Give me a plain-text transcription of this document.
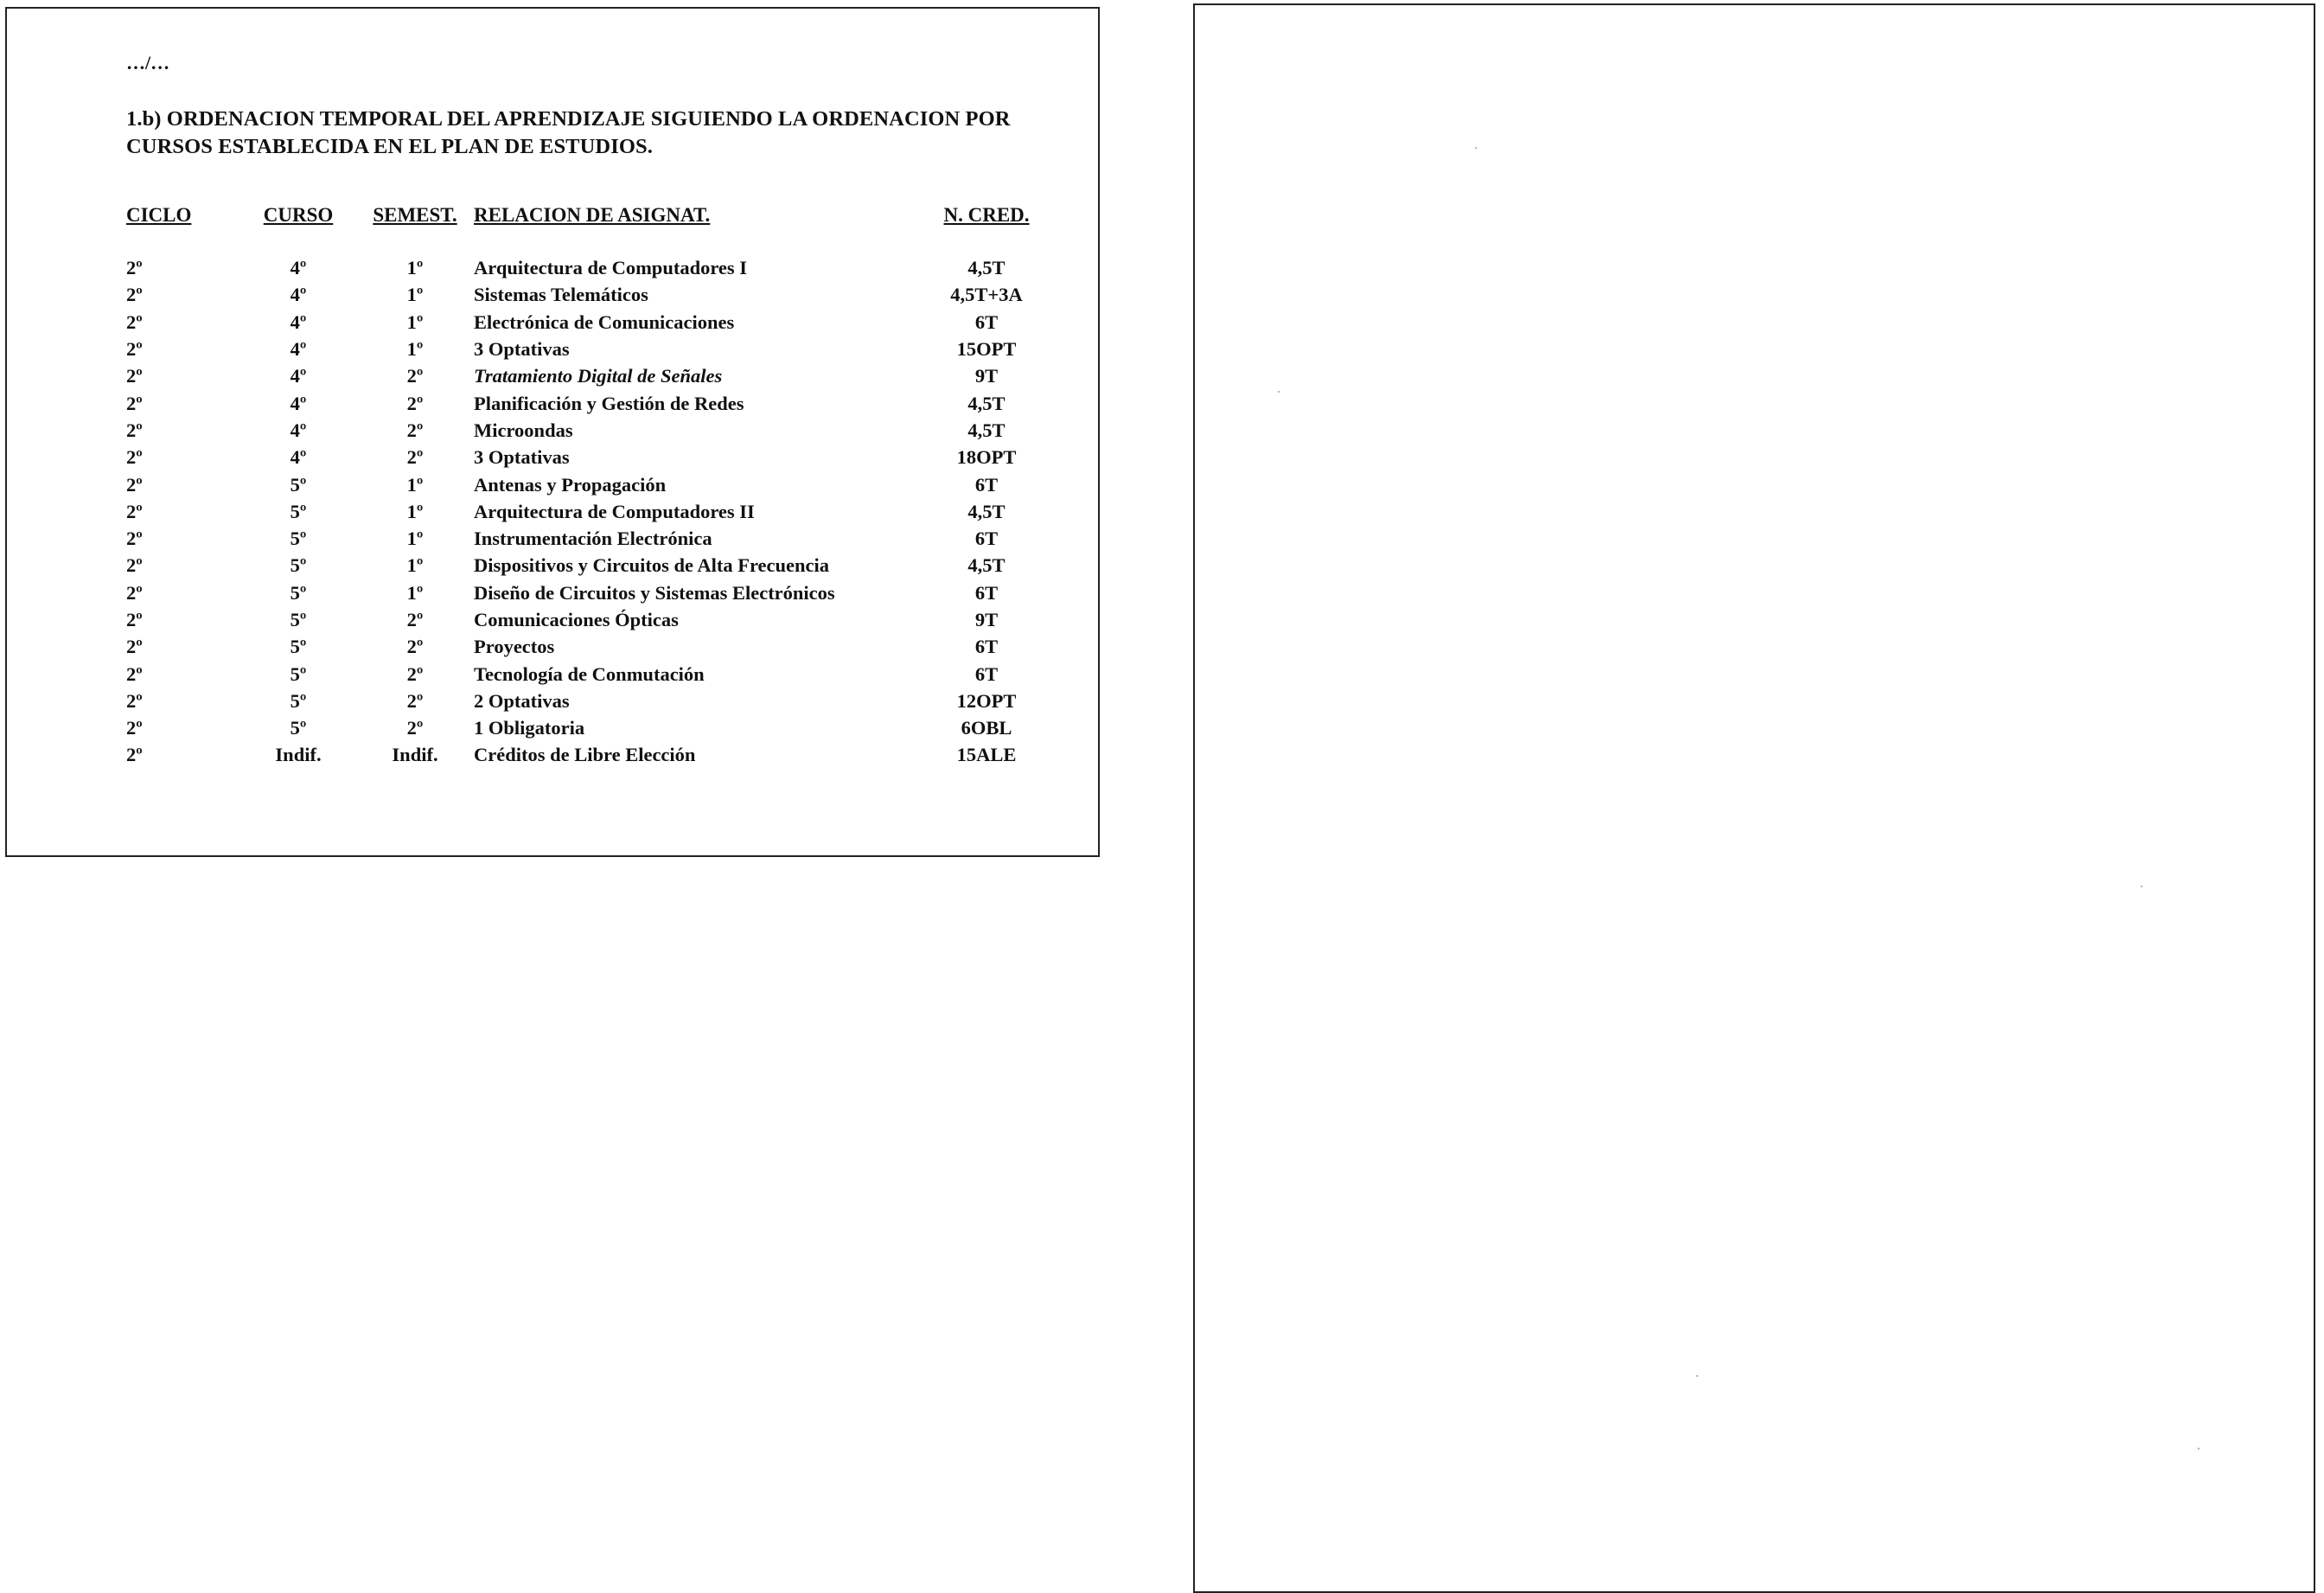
…/…
1.b) ORDENACION TEMPORAL DEL APRENDIZAJE SIGUIENDO LA ORDENACION POR
CURSOS ESTABLECIDA EN EL PLAN DE ESTUDIOS.
CICLO	CURSO	SEMEST.	RELACION DE ASIGNAT.	N. CRED.
2º	4º	1º	Arquitectura de Computadores I	4,5T
2º	4º	1º	Sistemas Telemáticos	4,5T+3A
2º	4º	1º	Electrónica de Comunicaciones	6T
2º	4º	1º	3 Optativas	15OPT
2º	4º	2º	Tratamiento Digital de Señales	9T
2º	4º	2º	Planificación y Gestión de Redes	4,5T
2º	4º	2º	Microondas	4,5T
2º	4º	2º	3 Optativas	18OPT
2º	5º	1º	Antenas y Propagación	6T
2º	5º	1º	Arquitectura de Computadores II	4,5T
2º	5º	1º	Instrumentación Electrónica	6T
2º	5º	1º	Dispositivos y Circuitos de Alta Frecuencia	4,5T
2º	5º	1º	Diseño de Circuitos y Sistemas Electrónicos	6T
2º	5º	2º	Comunicaciones Ópticas	9T
2º	5º	2º	Proyectos	6T
2º	5º	2º	Tecnología de Conmutación	6T
2º	5º	2º	2 Optativas	12OPT
2º	5º	2º	1 Obligatoria	6OBL
2º	Indif.	Indif.	Créditos de Libre Elección	15ALE
